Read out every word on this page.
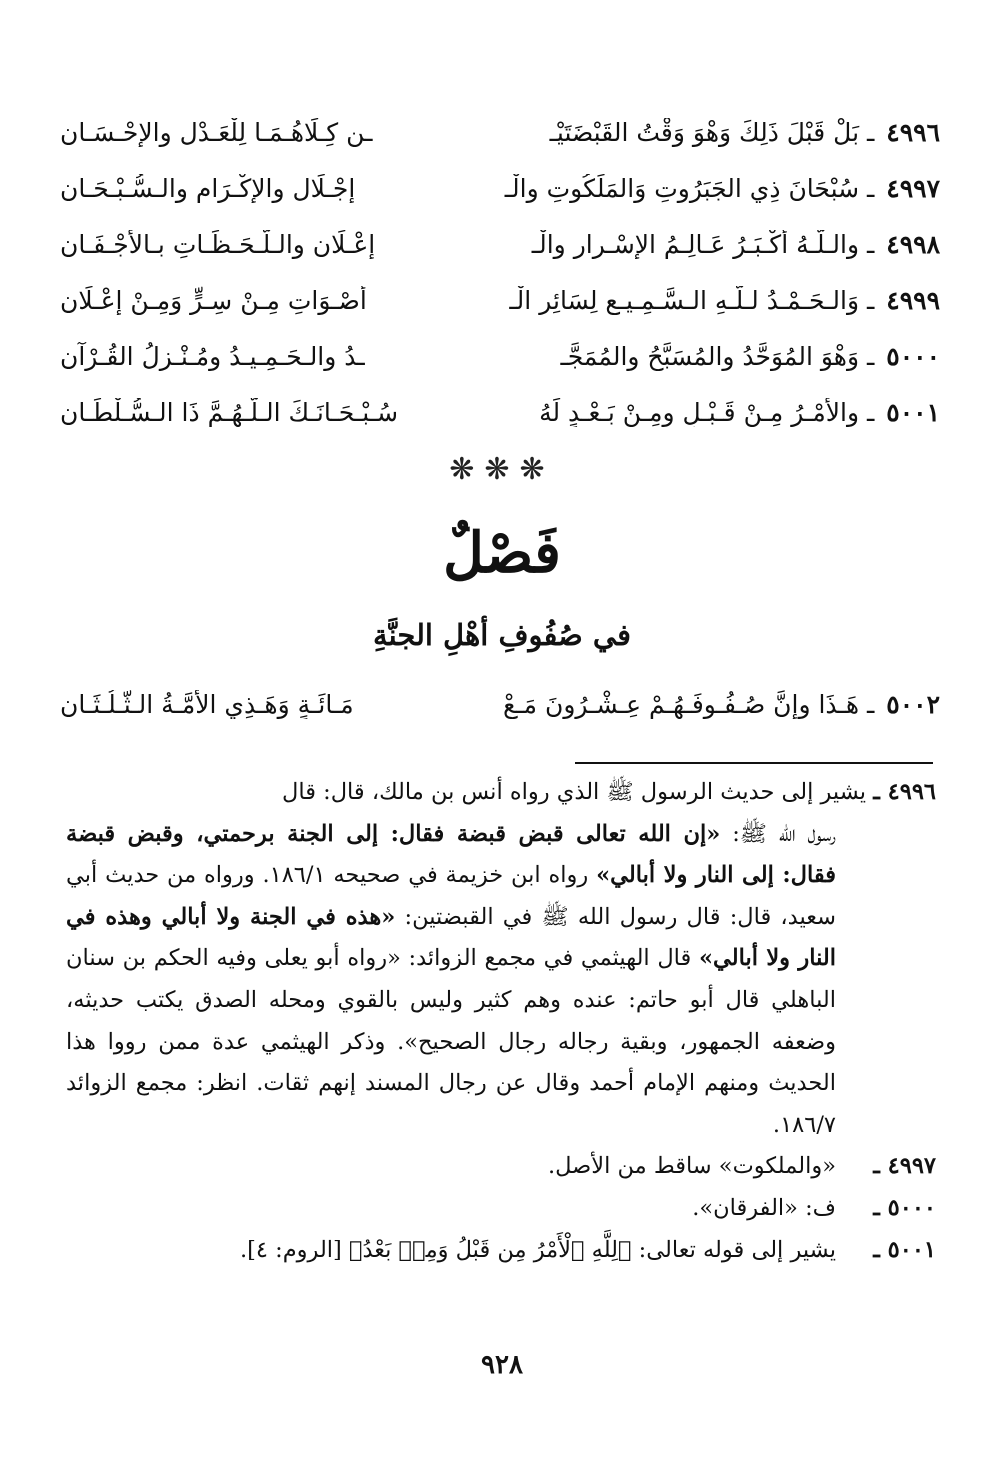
٤٩٩٦ ـ بَلْ قَبْلَ ذَلِكَ وَهْوَ وَقْتُ القَبْضَتَيْـ
ـن كِـلَاهُـمَـا لِلْعَـدْلِ والإحْـسَـانِ
٤٩٩٧ ـ سُبْحَانَ ذِي الجَبَرُوتِ وَالمَلَكُوتِ والْـ
إجْـلَالِ والإكْـرَامِ والـسُّـبْـحَـانِ
٤٩٩٨ ـ والـلَّـهُ أكْـبَـرُ عَـالِـمُ الإسْـرار والْـ
إعْـلَانِ والـلَّـحَـظَـاتِ بـالأجْـفَـانِ
٤٩٩٩ ـ وَالـحَـمْـدُ لـلَّـهِ الـسَّـمِـيـعِ لِسَائِرِ الْـ
أصْـوَاتِ مِـنْ سِـرٍّ وَمِـنْ إعْـلَانِ
٥٠٠٠ ـ وَهْوَ المُوَحَّدُ والمُسَبَّحُ والمُمَجَّـ
ـدُ والـحَـمِـيـدُ ومُـنْـزِلُ القُـرْآنِ
٥٠٠١ ـ والأمْـرُ مِـنْ قَـبْـلٍ ومِـنْ بَـعْـدٍ لَهُ
سُـبْـحَـانَـكَ الـلَّـهُـمَّ ذَا الـسُّـلْطَـانِ
❋❋❋
فَصْلٌ
في صُفُوفِ أهْلِ الجنَّةِ
٥٠٠٢ ـ هَـذَا وإنَّ صُـفُـوفَـهُـمْ عِـشْـرُونَ مَـعْ
مَـائَـةٍ وَهَـذِي الأمَّـةُ الـثُّـلُـثَـانِ
٤٩٩٦ ـ يشير إلى حديث الرسول ﷺ الذي رواه أنس بن مالك، قال: قال
رسول الله ﷺ: «إن الله تعالى قبض قبضة فقال: إلى الجنة برحمتي، وقبض قبضة فقال: إلى النار ولا أبالي» رواه ابن خزيمة في صحيحه ١٨٦/١. ورواه من حديث أبي سعيد، قال: قال رسول الله ﷺ في القبضتين: «هذه في الجنة ولا أبالي وهذه في النار ولا أبالي» قال الهيثمي في مجمع الزوائد: «رواه أبو يعلى وفيه الحكم بن سنان الباهلي قال أبو حاتم: عنده وهم كثير وليس بالقوي ومحله الصدق يكتب حديثه، وضعفه الجمهور، وبقية رجاله رجال الصحيح». وذكر الهيثمي عدة ممن رووا هذا الحديث ومنهم الإمام أحمد وقال عن رجال المسند إنهم ثقات. انظر: مجمع الزوائد ١٨٦/٧.
٤٩٩٧ ـ
«والملكوت» ساقط من الأصل.
٥٠٠٠ ـ
ف: «الفرقان».
٥٠٠١ ـ
يشير إلى قوله تعالى: ﴿لِلَّهِ ٱلْأَمْرُ مِن قَبْلُ وَمِنۢ بَعْدُ﴾ [الروم: ٤].
٩٢٨
